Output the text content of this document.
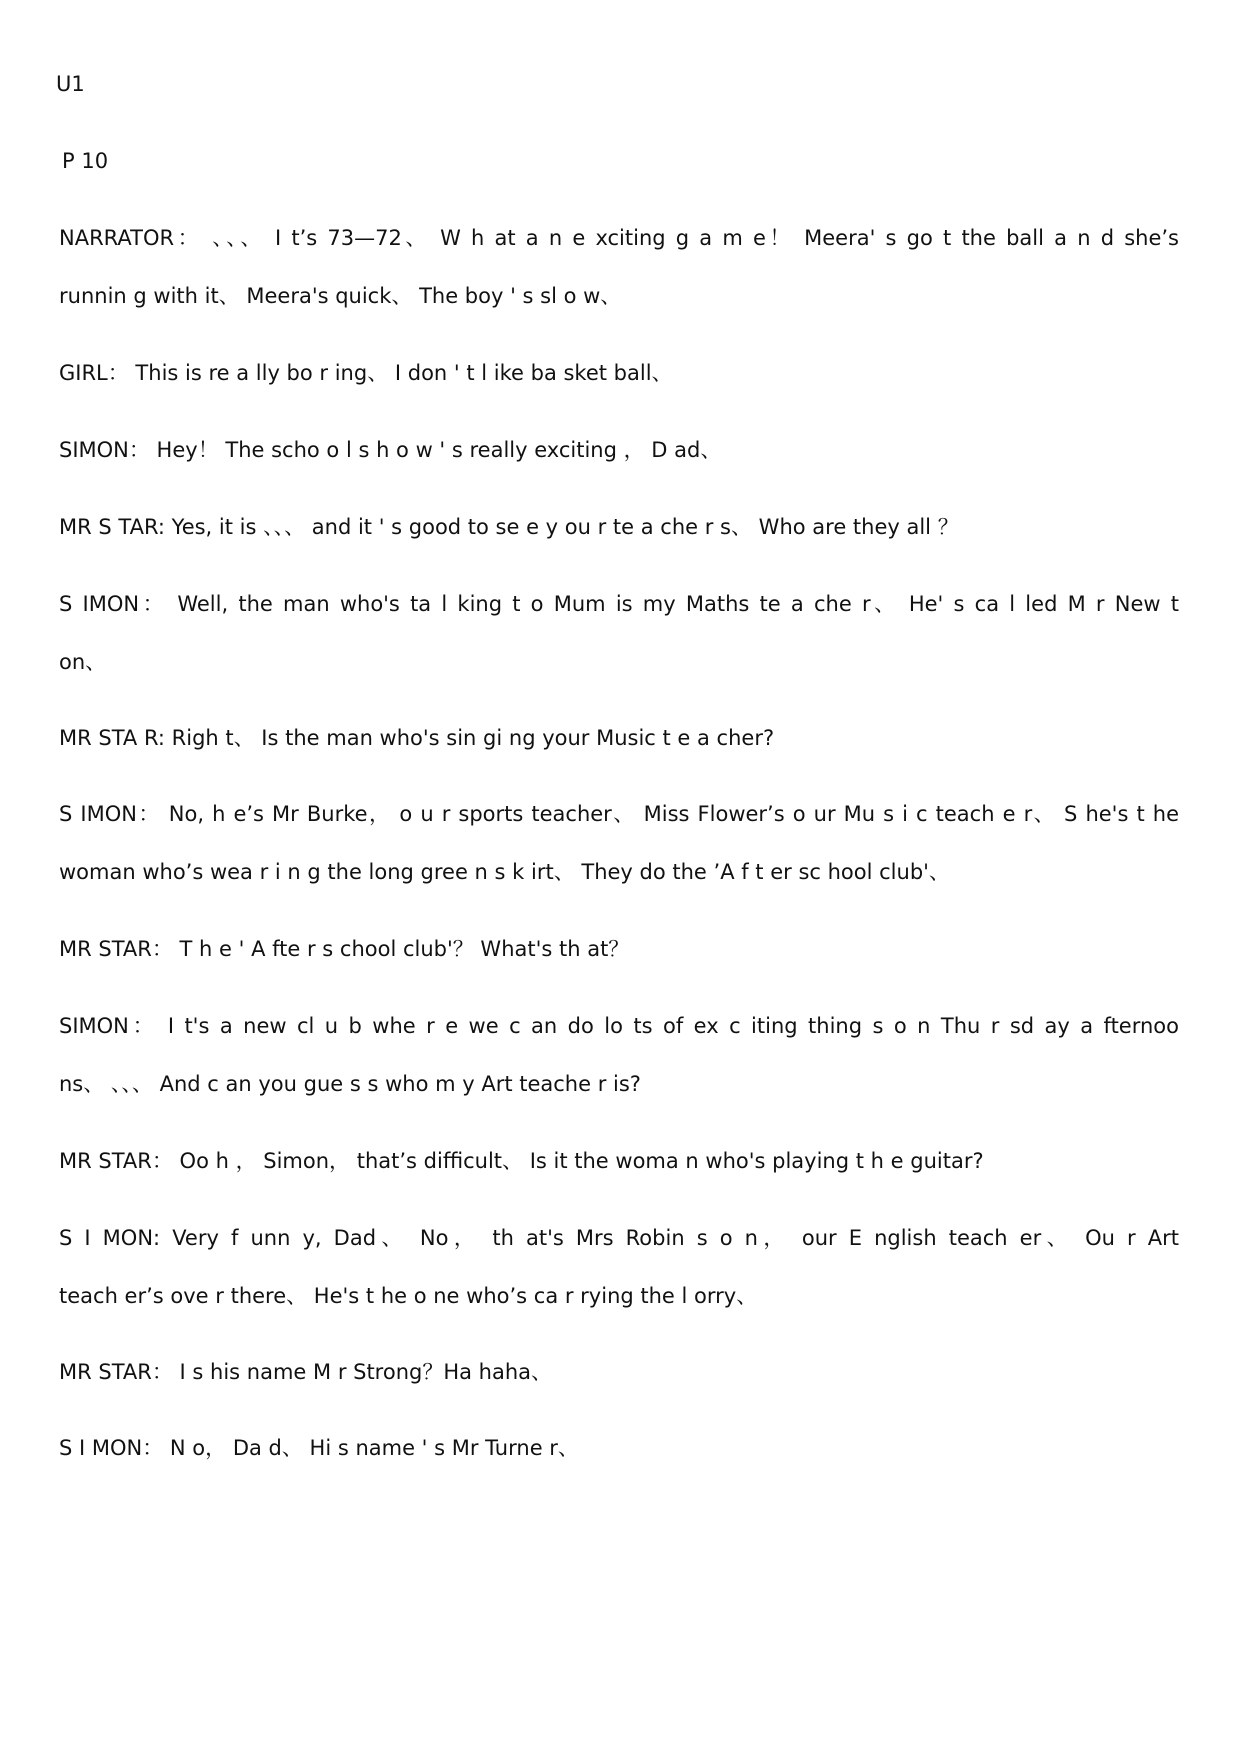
U1
P 10
NARRATOR： 、、、 I t’s 73—72、 W h at a n e xciting g a m e！ Meera' s go t the ball a n d she’s
runnin g with it、 Meera's quick、 The boy ' s sl o w、
GIRL： This is re a lly bo r ing、 I don ' t l ike ba sket ball、
SIMON： Hey！ The scho o l s h o w ' s really exciting ， D ad、
MR S TAR: Yes, it is 、、、 and it ' s good to se e y ou r te a che r s、 Who are they all ？
S IMON： Well, the man who's ta l king t o Mum is my Maths te a che r、 He' s ca l led M r New t
on、
MR STA R: Righ t、 Is the man who's sin gi ng your Music t e a cher?
S IMON： No, h e’s Mr Burke， o u r sports teacher、 Miss Flower’s o ur Mu s i c teach e r、 S he's t he
woman who’s wea r i n g the long gree n s k irt、 They do the ’A f t er sc hool club'、
MR STAR： T h e ' A fte r s chool club'？ What's th at？
SIMON： I t's a new cl u b whe r e we c an do lo ts of ex c iting thing s o n Thu r sd ay a fternoo
ns、 、、、 And c an you gue s s who m y Art teache r is?
MR STAR： Oo h ， Simon， that’s difficult、 Is it the woma n who's playing t h e guitar?
S I MON: Very f unn y, Dad、 No， th at's Mrs Robin s o n， our E nglish teach er、 Ou r Art
teach er’s ove r there、 He's t he o ne who’s ca r rying the l orry、
MR STAR： I s his name M r Strong？Ha haha、
S I MON： N o， Da d、 Hi s name ' s Mr Turne r、
